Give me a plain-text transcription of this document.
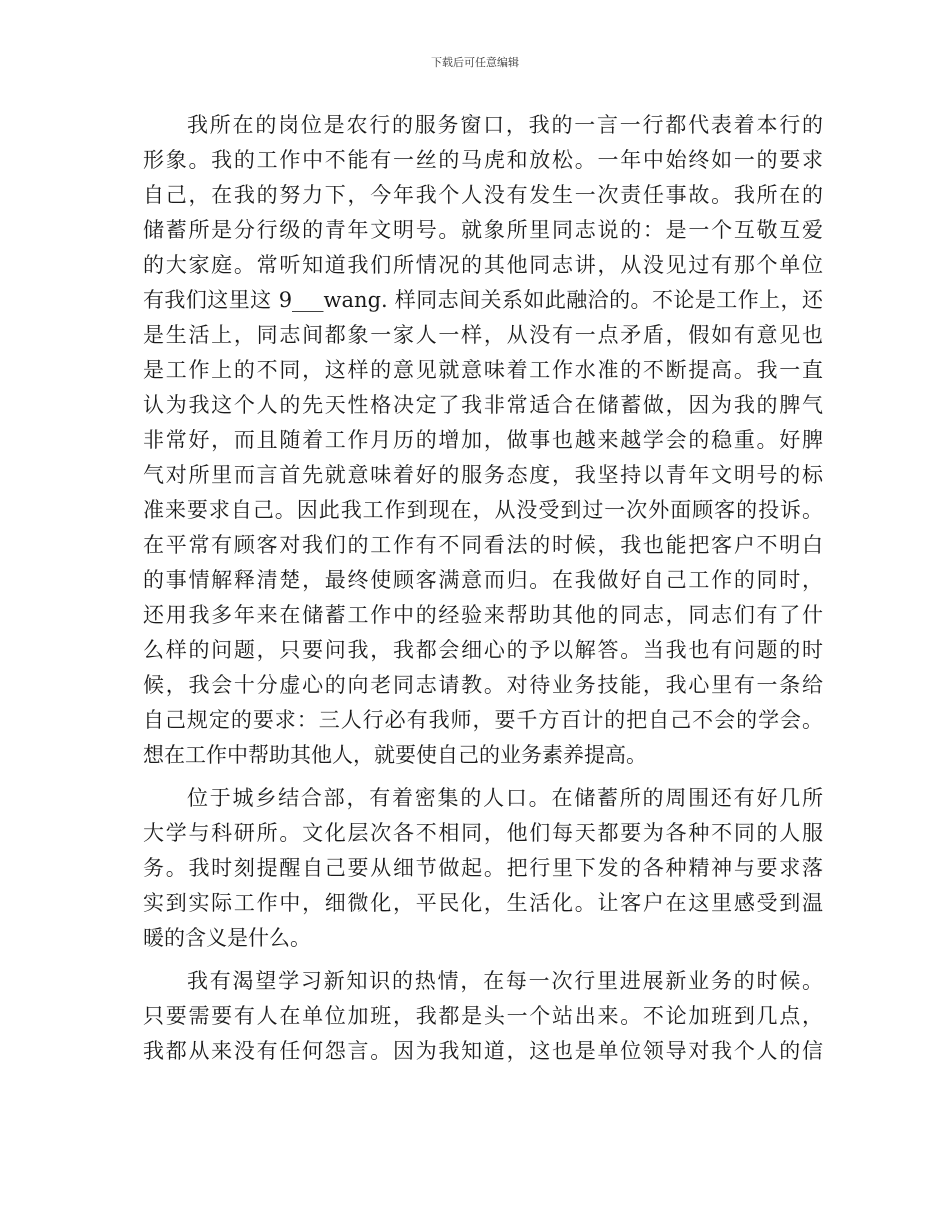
下载后可任意编辑
我所在的岗位是农行的服务窗口，我的一言一行都代表着本行的
形象。我的工作中不能有一丝的马虎和放松。一年中始终如一的要求
自己，在我的努力下，今年我个人没有发生一次责任事故。我所在的
储蓄所是分行级的青年文明号。就象所里同志说的：是一个互敬互爱
的大家庭。常听知道我们所情况的其他同志讲，从没见过有那个单位
有我们这里这 9___wang. 样同志间关系如此融洽的。不论是工作上，还
是生活上，同志间都象一家人一样，从没有一点矛盾，假如有意见也
是工作上的不同，这样的意见就意味着工作水准的不断提高。我一直
认为我这个人的先天性格决定了我非常适合在储蓄做，因为我的脾气
非常好，而且随着工作月历的增加，做事也越来越学会的稳重。好脾
气对所里而言首先就意味着好的服务态度，我坚持以青年文明号的标
准来要求自己。因此我工作到现在，从没受到过一次外面顾客的投诉。
在平常有顾客对我们的工作有不同看法的时候，我也能把客户不明白
的事情解释清楚，最终使顾客满意而归。在我做好自己工作的同时，
还用我多年来在储蓄工作中的经验来帮助其他的同志，同志们有了什
么样的问题，只要问我，我都会细心的予以解答。当我也有问题的时
候，我会十分虚心的向老同志请教。对待业务技能，我心里有一条给
自己规定的要求：三人行必有我师，要千方百计的把自己不会的学会。
想在工作中帮助其他人，就要使自己的业务素养提高。
位于城乡结合部，有着密集的人口。在储蓄所的周围还有好几所
大学与科研所。文化层次各不相同，他们每天都要为各种不同的人服
务。我时刻提醒自己要从细节做起。把行里下发的各种精神与要求落
实到实际工作中，细微化，平民化，生活化。让客户在这里感受到温
暖的含义是什么。
我有渴望学习新知识的热情，在每一次行里进展新业务的时候。
只要需要有人在单位加班，我都是头一个站出来。不论加班到几点，
我都从来没有任何怨言。因为我知道，这也是单位领导对我个人的信
